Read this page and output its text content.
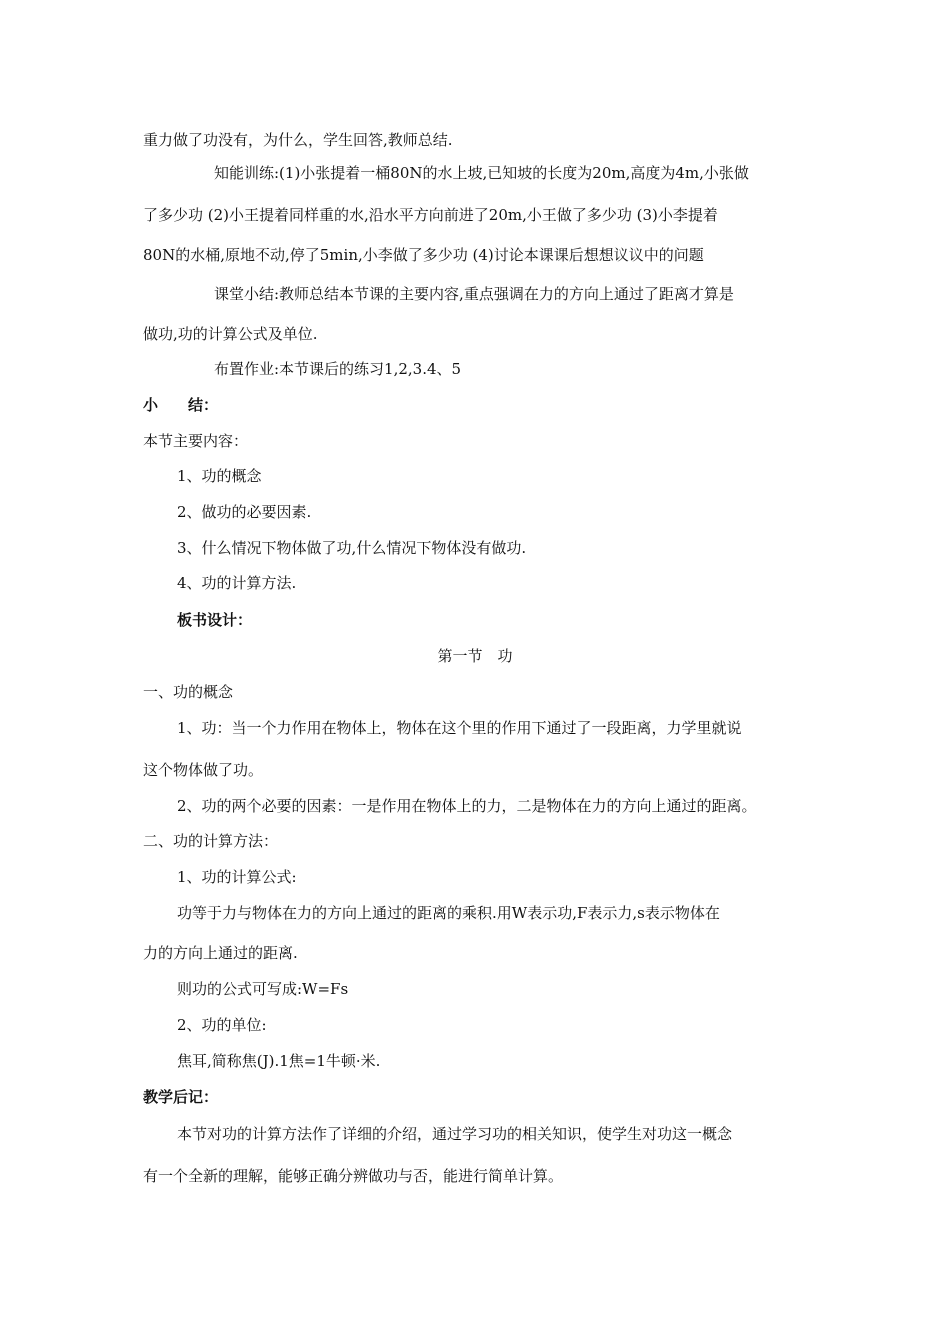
重力做了功没有，为什么，学生回答,教师总结.
知能训练:(1)小张提着一桶80N的水上坡,已知坡的长度为20m,高度为4m,小张做
了多少功 (2)小王提着同样重的水,沿水平方向前进了20m,小王做了多少功 (3)小李提着
80N的水桶,原地不动,停了5min,小李做了多少功 (4)讨论本课课后想想议议中的问题
课堂小结:教师总结本节课的主要内容,重点强调在力的方向上通过了距离才算是
做功,功的计算公式及单位.
布置作业:本节课后的练习1,2,3.4、5
小　　结：
本节主要内容：
1、功的概念
2、做功的必要因素.
3、什么情况下物体做了功,什么情况下物体没有做功.
4、功的计算方法.
板书设计：
第一节　功
一、功的概念
1、功：当一个力作用在物体上，物体在这个里的作用下通过了一段距离，力学里就说
这个物体做了功。
2、功的两个必要的因素：一是作用在物体上的力，二是物体在力的方向上通过的距离。
二、功的计算方法：
1、功的计算公式:
功等于力与物体在力的方向上通过的距离的乘积.用W表示功,F表示力,s表示物体在
力的方向上通过的距离.
则功的公式可写成:W=Fs
2、功的单位:
焦耳,简称焦(J).1焦=1牛顿·米.
教学后记：
本节对功的计算方法作了详细的介绍，通过学习功的相关知识，使学生对功这一概念
有一个全新的理解，能够正确分辨做功与否，能进行简单计算。
